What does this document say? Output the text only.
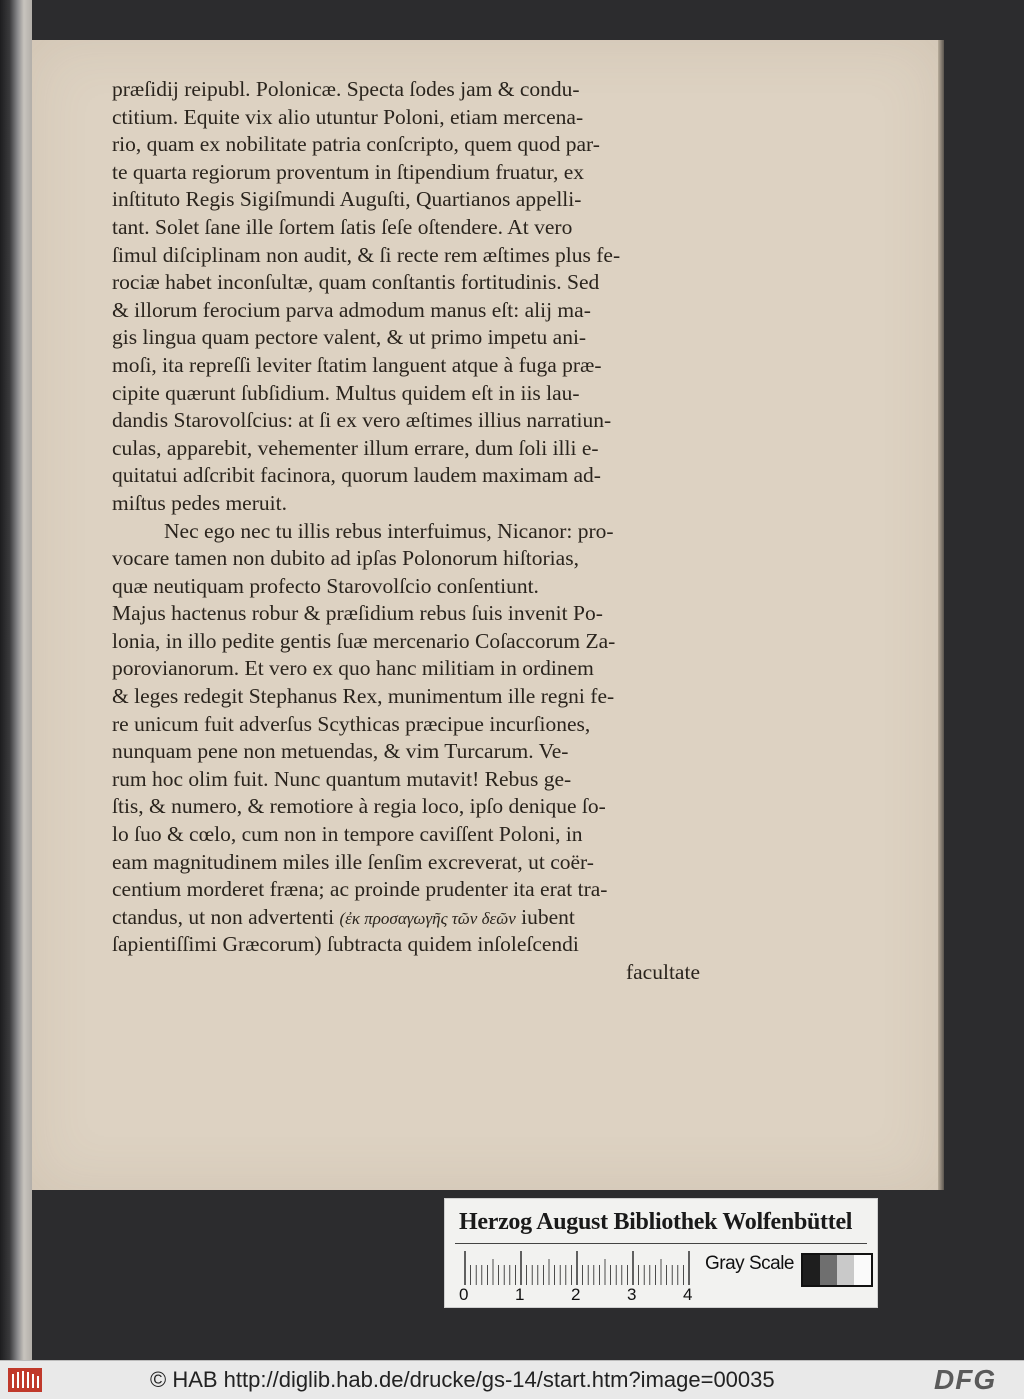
præſidij reipubl. Polonicæ. Specta ſodes jam & condu-
ctitium. Equite vix alio utuntur Poloni, etiam mercena-
rio, quam ex nobilitate patria conſcripto, quem quod par-
te quarta regiorum proventum in ſtipendium fruatur, ex
inſtituto Regis Sigiſmundi Auguſti, Quartianos appelli-
tant. Solet ſane ille ſortem ſatis ſeſe oſtendere. At vero
ſimul diſciplinam non audit, & ſi recte rem æſtimes plus fe-
rociæ habet inconſultæ, quam conſtantis fortitudinis. Sed
& illorum ferocium parva admodum manus eſt: alij ma-
gis lingua quam pectore valent, & ut primo impetu ani-
moſi, ita repreſſi leviter ſtatim languent atque à fuga præ-
cipite quærunt ſubſidium. Multus quidem eſt in iis lau-
dandis Starovolſcius: at ſi ex vero æſtimes illius narratiun-
culas, apparebit, vehementer illum errare, dum ſoli illi e-
quitatui adſcribit facinora, quorum laudem maximam ad-
miſtus pedes meruit.
Nec ego nec tu illis rebus interfuimus, Nicanor: pro-
vocare tamen non dubito ad ipſas Polonorum hiſtorias,
quæ neutiquam profecto Starovolſcio conſentiunt.
Majus hactenus robur & præſidium rebus ſuis invenit Po-
lonia, in illo pedite gentis ſuæ mercenario Coſaccorum Za-
porovianorum. Et vero ex quo hanc militiam in ordinem
& leges redegit Stephanus Rex, munimentum ille regni fe-
re unicum fuit adverſus Scythicas præcipue incurſiones,
nunquam pene non metuendas, & vim Turcarum. Ve-
rum hoc olim fuit. Nunc quantum mutavit! Rebus ge-
ſtis, & numero, & remotiore à regia loco, ipſo denique ſo-
lo ſuo & cœlo, cum non in tempore caviſſent Poloni, in
eam magnitudinem miles ille ſenſim excreverat, ut coër-
centium morderet fræna; ac proinde prudenter ita erat tra-
ctandus, ut non advertenti (ἐκ προσαγωγῆς τῶν δεῶν iubent
ſapientiſſimi Græcorum) ſubtracta quidem inſoleſcendi
facultate
Herzog August Bibliothek Wolfenbüttel
0	1	2	3	4
Gray Scale
© HAB http://diglib.hab.de/drucke/gs-14/start.htm?image=00035	DFG
